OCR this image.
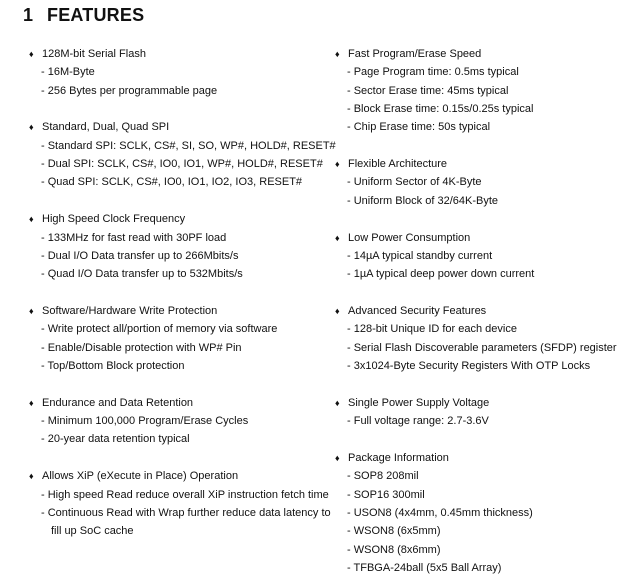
1 FEATURES
♦ 128M-bit Serial Flash
- 16M-Byte
- 256 Bytes per programmable page
♦ Standard, Dual, Quad SPI
- Standard SPI: SCLK, CS#, SI, SO, WP#, HOLD#, RESET#
- Dual SPI: SCLK, CS#, IO0, IO1, WP#, HOLD#, RESET#
- Quad SPI: SCLK, CS#, IO0, IO1, IO2, IO3, RESET#
♦ High Speed Clock Frequency
- 133MHz for fast read with 30PF load
- Dual I/O Data transfer up to 266Mbits/s
- Quad I/O Data transfer up to 532Mbits/s
♦ Software/Hardware Write Protection
- Write protect all/portion of memory via software
- Enable/Disable protection with WP# Pin
- Top/Bottom Block protection
♦ Endurance and Data Retention
- Minimum 100,000 Program/Erase Cycles
- 20-year data retention typical
♦ Allows XiP (eXecute in Place) Operation
- High speed Read reduce overall XiP instruction fetch time
- Continuous Read with Wrap further reduce data latency to
fill up SoC cache
♦ Fast Program/Erase Speed
- Page Program time: 0.5ms typical
- Sector Erase time: 45ms typical
- Block Erase time: 0.15s/0.25s typical
- Chip Erase time: 50s typical
♦ Flexible Architecture
- Uniform Sector of 4K-Byte
- Uniform Block of 32/64K-Byte
♦ Low Power Consumption
- 14µA typical standby current
- 1µA typical deep power down current
♦ Advanced Security Features
- 128-bit Unique ID for each device
- Serial Flash Discoverable parameters (SFDP) register
- 3x1024-Byte Security Registers With OTP Locks
♦ Single Power Supply Voltage
- Full voltage range: 2.7-3.6V
♦ Package Information
- SOP8 208mil
- SOP16 300mil
- USON8 (4x4mm, 0.45mm thickness)
- WSON8 (6x5mm)
- WSON8 (8x6mm)
- TFBGA-24ball (5x5 Ball Array)
